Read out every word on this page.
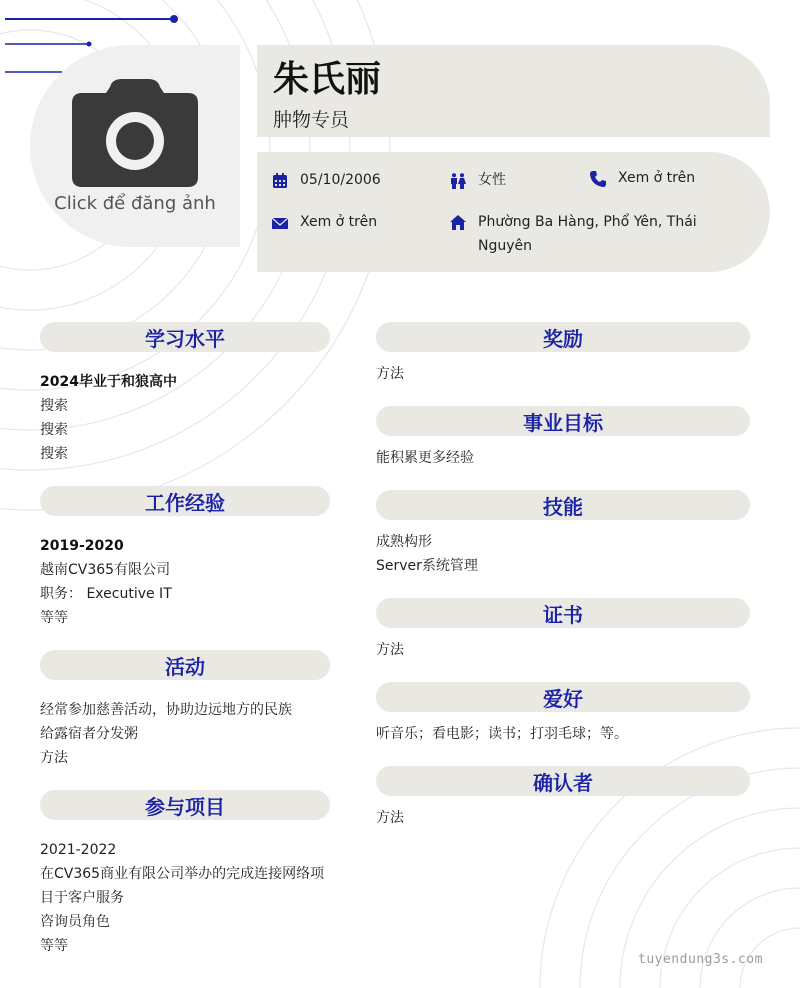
Click để đăng ảnh
朱氏丽
肿物专员
05/10/2006	女性	Xem ở trên
Xem ở trên	Phường Ba Hàng, Phổ Yên, Thái
Nguyên
学习水平
2024毕业于和狼高中
搜索
搜索
搜索
工作经验
2019-2020
越南CV365有限公司
职务： Executive IT
等等
活动
经常参加慈善活动，协助边远地方的民族
给露宿者分发粥
方法
参与项目
2021-2022
在CV365商业有限公司举办的完成连接网络项
目于客户服务
咨询员角色
等等
奖励
方法
事业目标
能积累更多经验
技能
成熟构形
Server系统管理
证书
方法
爱好
听音乐；看电影；读书；打羽毛球；等。
确认者
方法
tuyendung3s.com
